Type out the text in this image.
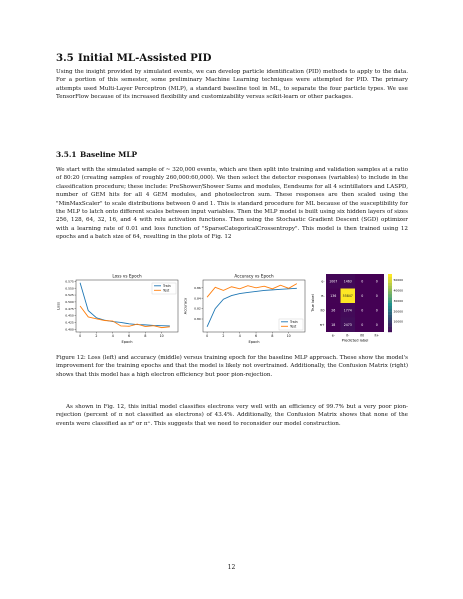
3.5 Initial ML-Assisted PID

Using the insight provided by simulated events, we can develop particle identification (PID) methods to apply to the data. For a portion of this semester, some preliminary Machine Learning techniques were attempted for PID. The primary attempts used Multi-Layer Perceptron (MLP), a standard baseline tool in ML, to separate the four particle types. We use TensorFlow because of its increased flexibility and customizability versus scikit-learn or other packages.

3.5.1 Baseline MLP

We start with the simulated sample of ~ 320,000 events, which are then split into training and validation samples at a ratio of 80:20 (creating samples of roughly 260,000:60,000). We then select the detector responses (variables) to include in the classification procedure; these include: PreShower/Shower Sums and modules, Eendsums for all 4 scintillators and LASPD, number of GEM hits for all 4 GEM modules, and photoelectron sum. These responses are then scaled using the "MinMaxScaler" to scale distributions between 0 and 1. This is standard procedure for ML because of the susceptibility for the MLP to latch onto different scales between input variables. Then the MLP model is built using six hidden layers of sizes 256, 128, 64, 32, 16, and 4 with relu activation functions. Then using the Stochastic Gradient Descent (SGD) optimizer with a learning rate of 0.01 and loss function of "SparseCategoricalCrossentropy". This model is then trained using 12 epochs and a batch size of 64, resulting in the plots of Fig. 12

Loss vs Epoch
Epoch
Loss
0	2	4	6	8	10
0.400
0.425
0.450
0.475
0.500
0.525
0.550
0.575
Train
Test
Accuracy vs Epoch
Epoch
Accuracy
0	2	4	6	8	10
0.80
0.82
0.84
0.86
Train
Test
1007 1463	0	0
136 55847	0	0
26	1774	0	0
18	2473	0	0
e-
e-
π-
π-
π0
π0
π+
π+
Predicted label
True label
10000
20000
30000
40000
50000

Figure 12: Loss (left) and accuracy (middle) versus training epoch for the baseline MLP approach. These show the model's improvement for the training epochs and that the model is likely not overtrained. Additionally, the Confusion Matrix (right) shows that this model has a high electron efficiency but poor pion-rejection.

As shown in Fig. 12, this initial model classifies electrons very well with an efficiency of 99.7% but a very poor pion-rejection (percent of π not classified as electrons) of 43.4%. Additionally, the Confusion Matrix shows that none of the events were classified as π⁰ or π⁺. This suggests that we need to reconsider our model construction.

12
